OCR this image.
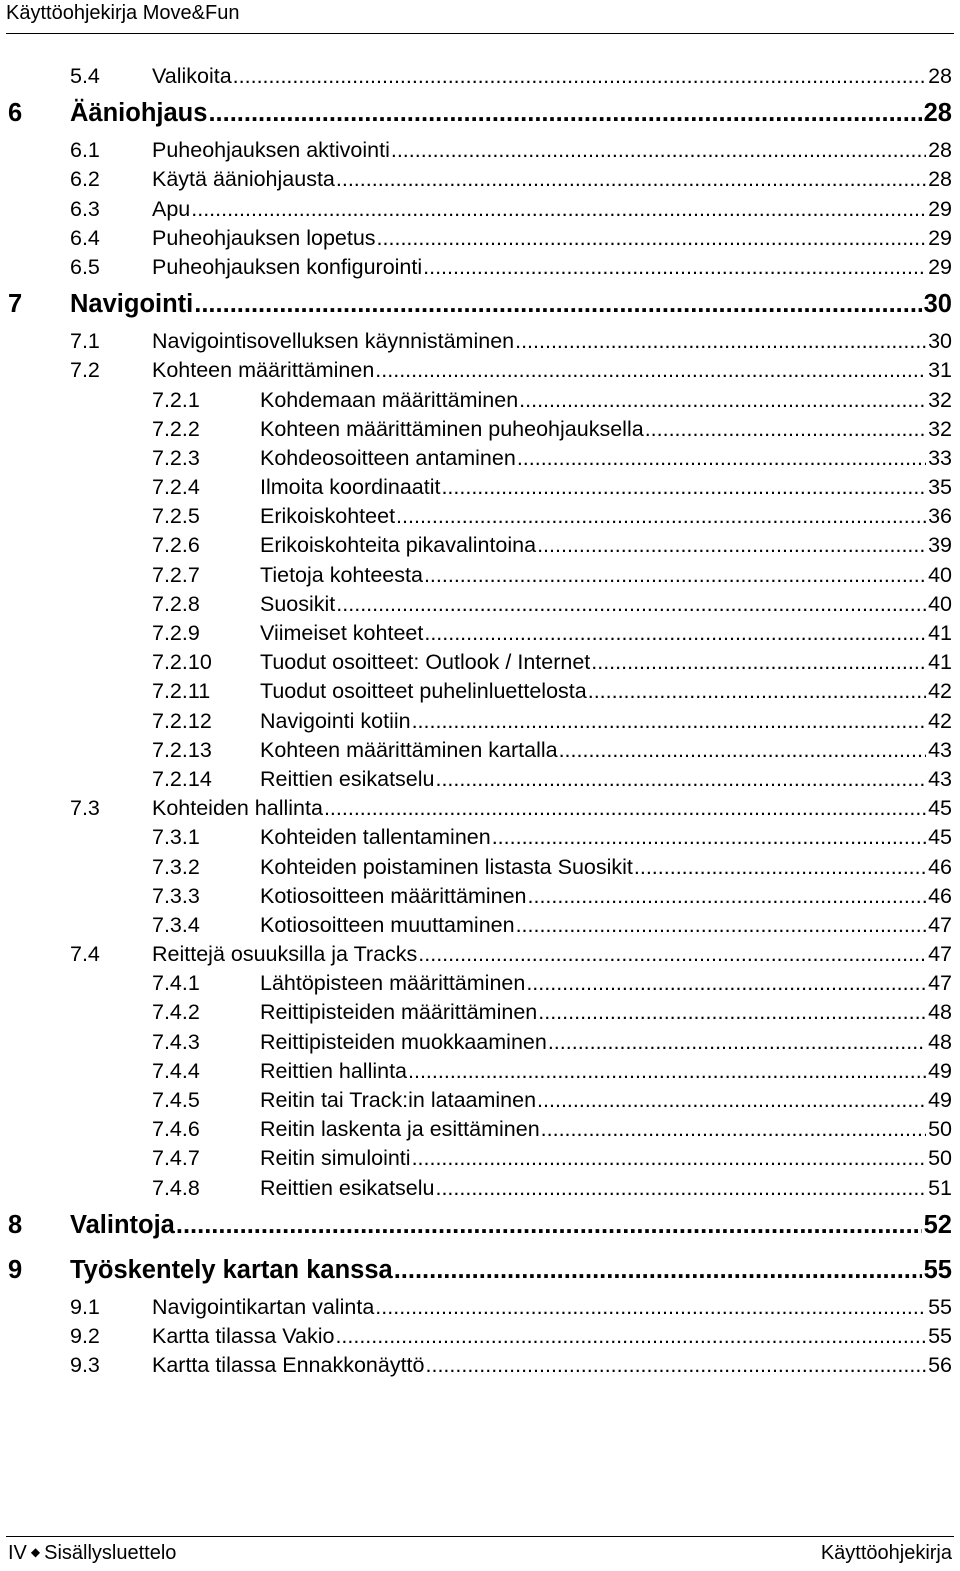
Käyttöohjekirja Move&Fun
5.4 Valikoita .....	28
6 Ääniohjaus .....	28
6.1 Puheohjauksen aktivointi .....	28
6.2 Käytä ääniohjausta .....	28
6.3 Apu .....	29
6.4 Puheohjauksen lopetus .....	29
6.5 Puheohjauksen konfigurointi .....	29
7 Navigointi .....	30
7.1 Navigointisovelluksen käynnistäminen .....	30
7.2 Kohteen määrittäminen .....	31
7.2.1	Kohdemaan määrittäminen .....	32
7.2.2	Kohteen määrittäminen puheohjauksella .....	32
7.2.3	Kohdeosoitteen antaminen .....	33
7.2.4	Ilmoita koordinaatit .....	35
7.2.5	Erikoiskohteet .....	36
7.2.6	Erikoiskohteita pikavalintoina .....	39
7.2.7	Tietoja kohteesta .....	40
7.2.8	Suosikit .....	40
7.2.9	Viimeiset kohteet .....	41
7.2.10 Tuodut osoitteet: Outlook / Internet .....	41
7.2.11 Tuodut osoitteet puhelinluettelosta .....	42
7.2.12 Navigointi kotiin .....	42
7.2.13 Kohteen määrittäminen kartalla .....	43
7.2.14 Reittien esikatselu .....	43
7.3 Kohteiden hallinta .....	45
7.3.1	Kohteiden tallentaminen .....	45
7.3.2	Kohteiden poistaminen listasta Suosikit .....	46
7.3.3	Kotiosoitteen määrittäminen .....	46
7.3.4	Kotiosoitteen muuttaminen .....	47
7.4 Reittejä osuuksilla ja Tracks .....	47
7.4.1	Lähtöpisteen määrittäminen .....	47
7.4.2	Reittipisteiden määrittäminen .....	48
7.4.3	Reittipisteiden muokkaaminen .....	48
7.4.4	Reittien hallinta .....	49
7.4.5	Reitin tai Track:in lataaminen .....	49
7.4.6	Reitin laskenta ja esittäminen .....	50
7.4.7	Reitin simulointi .....	50
7.4.8	Reittien esikatselu .....	51
8 Valintoja .....	52
9 Työskentely kartan kanssa .....	55
9.1 Navigointikartan valinta .....	55
9.2 Kartta tilassa Vakio .....	55
9.3 Kartta tilassa Ennakkonäyttö .....	56
IV ◆ Sisällysluettelo	Käyttöohjekirja
